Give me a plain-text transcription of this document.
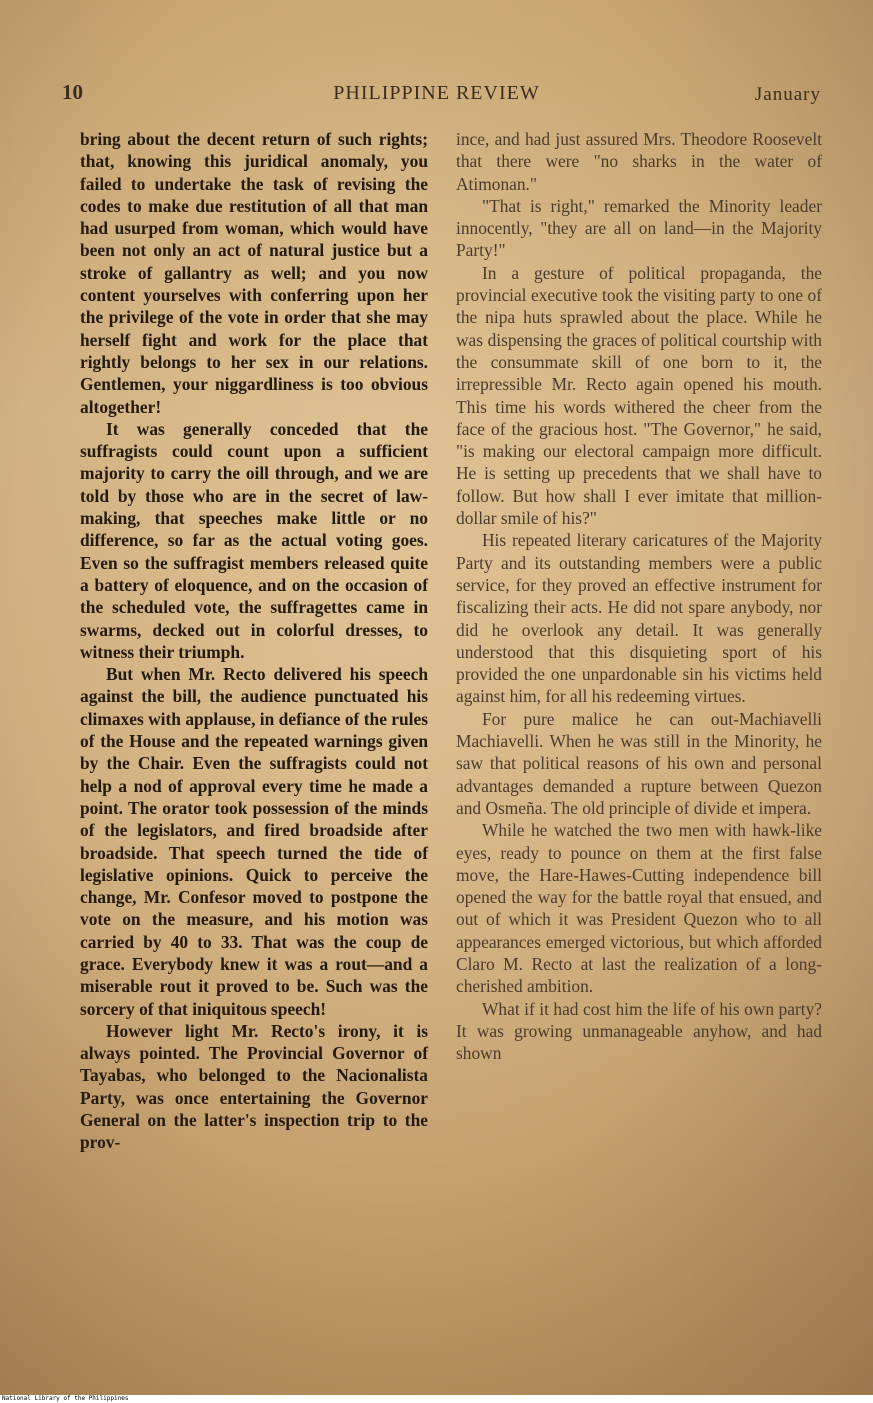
10	PHILIPPINE REVIEW	January

bring about the decent return of such rights; that, knowing this juridical anomaly, you failed to undertake the task of revising the codes to make due restitution of all that man had usurped from woman, which would have been not only an act of natural justice but a stroke of gallantry as well; and you now content yourselves with conferring upon her the privilege of the vote in order that she may herself fight and work for the place that rightly belongs to her sex in our relations. Gentlemen, your niggardliness is too obvious altogether!

It was generally conceded that the suffragists could count upon a sufficient majority to carry the oill through, and we are told by those who are in the secret of law-making, that speeches make little or no difference, so far as the actual voting goes. Even so the suffragist members released quite a battery of eloquence, and on the occasion of the scheduled vote, the suffragettes came in swarms, decked out in colorful dresses, to witness their triumph.

But when Mr. Recto delivered his speech against the bill, the audience punctuated his climaxes with applause, in defiance of the rules of the House and the repeated warnings given by the Chair. Even the suffragists could not help a nod of approval every time he made a point. The orator took possession of the minds of the legislators, and fired broadside after broadside. That speech turned the tide of legislative opinions. Quick to perceive the change, Mr. Confesor moved to postpone the vote on the measure, and his motion was carried by 40 to 33. That was the coup de grace. Everybody knew it was a rout—and a miserable rout it proved to be. Such was the sorcery of that iniquitous speech!

However light Mr. Recto's irony, it is always pointed. The Provincial Governor of Tayabas, who belonged to the Nacionalista Party, was once entertaining the Governor General on the latter's inspection trip to the prov-

ince, and had just assured Mrs. Theodore Roosevelt that there were "no sharks in the water of Atimonan."

"That is right," remarked the Minority leader innocently, "they are all on land—in the Majority Party!"

In a gesture of political propaganda, the provincial executive took the visiting party to one of the nipa huts sprawled about the place. While he was dispensing the graces of political courtship with the consummate skill of one born to it, the irrepressible Mr. Recto again opened his mouth. This time his words withered the cheer from the face of the gracious host. "The Governor," he said, "is making our electoral campaign more difficult. He is setting up precedents that we shall have to follow. But how shall I ever imitate that million-dollar smile of his?"

His repeated literary caricatures of the Majority Party and its outstanding members were a public service, for they proved an effective instrument for fiscalizing their acts. He did not spare anybody, nor did he overlook any detail. It was generally understood that this disquieting sport of his provided the one unpardonable sin his victims held against him, for all his redeeming virtues.

For pure malice he can out-Machiavelli Machiavelli. When he was still in the Minority, he saw that political reasons of his own and personal advantages demanded a rupture between Quezon and Osmeña. The old principle of divide et impera.

While he watched the two men with hawk-like eyes, ready to pounce on them at the first false move, the Hare-Hawes-Cutting independence bill opened the way for the battle royal that ensued, and out of which it was President Quezon who to all appearances emerged victorious, but which afforded Claro M. Recto at last the realization of a long-cherished ambition.

What if it had cost him the life of his own party? It was growing unmanageable anyhow, and had shown

National Library of the Philippines
